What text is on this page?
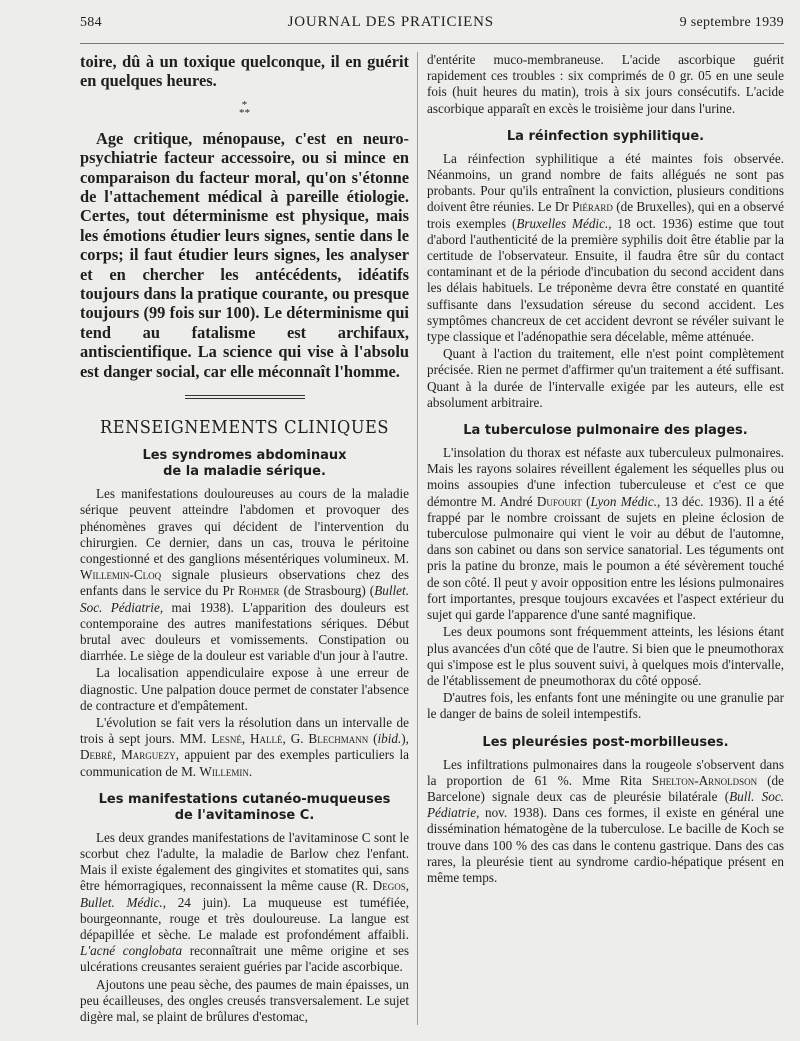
584	JOURNAL DES PRATICIENS	9 septembre 1939

toire, dû à un toxique quelconque, il en guérit en quelques heures.

*
**

Age critique, ménopause, c'est en neuro-psychiatrie facteur accessoire, ou si mince en comparaison du facteur moral, qu'on s'étonne de l'attachement médical à pareille étiologie. Certes, tout déterminisme est physique, mais les émotions étudier leurs signes, sentie dans le corps; il faut étudier leurs signes, les analyser et en chercher les antécédents, idéatifs toujours dans la pratique courante, ou presque toujours (99 fois sur 100). Le déterminisme qui tend au fatalisme est archifaux, antiscientifique. La science qui vise à l'absolu est danger social, car elle méconnaît l'homme.

RENSEIGNEMENTS CLINIQUES
Les syndromes abdominaux
de la maladie sérique.

Les manifestations douloureuses au cours de la maladie sérique peuvent atteindre l'abdomen et provoquer des phénomènes graves qui décident de l'intervention du chirurgien. Ce dernier, dans un cas, trouva le péritoine congestionné et des ganglions mésentériques volumineux. M. Willemin-Cloq signale plusieurs observations chez des enfants dans le service du Pr Rohmer (de Strasbourg) (Bullet. Soc. Pédiatrie, mai 1938). L'apparition des douleurs est contemporaine des autres manifestations sériques. Début brutal avec douleurs et vomissements. Constipation ou diarrhée. Le siège de la douleur est variable d'un jour à l'autre.

La localisation appendiculaire expose à une erreur de diagnostic. Une palpation douce permet de constater l'absence de contracture et d'empâtement.

L'évolution se fait vers la résolution dans un intervalle de trois à sept jours. MM. Lesné, Hallé, G. Blechmann (ibid.), Debré, Marguezy, appuient par des exemples particuliers la communication de M. Willemin.

Les manifestations cutanéo-muqueuses
de l'avitaminose C.

Les deux grandes manifestations de l'avitaminose C sont le scorbut chez l'adulte, la maladie de Barlow chez l'enfant. Mais il existe également des gingivites et stomatites qui, sans être hémorragiques, reconnaissent la même cause (R. Degos, Bullet. Médic., 24 juin). La muqueuse est tuméfiée, bourgeonnante, rouge et très douloureuse. La langue est dépapillée et sèche. Le malade est profondément affaibli. L'acné conglobata reconnaîtrait une même origine et ses ulcérations creusantes seraient guéries par l'acide ascorbique.

Ajoutons une peau sèche, des paumes de main épaisses, un peu écailleuses, des ongles creusés transversalement. Le sujet digère mal, se plaint de brûlures d'estomac,

d'entérite muco-membraneuse. L'acide ascorbique guérit rapidement ces troubles : six comprimés de 0 gr. 05 en une seule fois (huit heures du matin), trois à six jours consécutifs. L'acide ascorbique apparaît en excès le troisième jour dans l'urine.

La réinfection syphilitique.

La réinfection syphilitique a été maintes fois observée. Néanmoins, un grand nombre de faits allégués ne sont pas probants. Pour qu'ils entraînent la conviction, plusieurs conditions doivent être réunies. Le Dr Piérard (de Bruxelles), qui en a observé trois exemples (Bruxelles Médic., 18 oct. 1936) estime que tout d'abord l'authenticité de la première syphilis doit être établie par la certitude de l'observateur. Ensuite, il faudra être sûr du contact contaminant et de la période d'incubation du second accident dans les délais habituels. Le tréponème devra être constaté en quantité suffisante dans l'exsudation séreuse du second accident. Les symptômes chancreux de cet accident devront se révéler suivant le type classique et l'adénopathie sera décelable, même atténuée.

Quant à l'action du traitement, elle n'est point complètement précisée. Rien ne permet d'affirmer qu'un traitement a été suffisant. Quant à la durée de l'intervalle exigée par les auteurs, elle est absolument arbitraire.

La tuberculose pulmonaire des plages.

L'insolation du thorax est néfaste aux tuberculeux pulmonaires. Mais les rayons solaires réveillent également les séquelles plus ou moins assoupies d'une infection tuberculeuse et c'est ce que démontre M. André Dufourt (Lyon Médic., 13 déc. 1936). Il a été frappé par le nombre croissant de sujets en pleine éclosion de tuberculose pulmonaire qui vient le voir au début de l'automne, dans son cabinet ou dans son service sanatorial. Les téguments ont pris la patine du bronze, mais le poumon a été sévèrement touché de son côté. Il peut y avoir opposition entre les lésions pulmonaires fort importantes, presque toujours excavées et l'aspect extérieur du sujet qui garde l'apparence d'une santé magnifique.

Les deux poumons sont fréquemment atteints, les lésions étant plus avancées d'un côté que de l'autre. Si bien que le pneumothorax qui s'impose est le plus souvent suivi, à quelques mois d'intervalle, de l'établissement de pneumothorax du côté opposé.

D'autres fois, les enfants font une méningite ou une granulie par le danger de bains de soleil intempestifs.

Les pleurésies post-morbilleuses.

Les infiltrations pulmonaires dans la rougeole s'observent dans la proportion de 61 %. Mme Rita Shelton-Arnoldson (de Barcelone) signale deux cas de pleurésie bilatérale (Bull. Soc. Pédiatrie, nov. 1938). Dans ces formes, il existe en général une dissémination hématogène de la tuberculose. Le bacille de Koch se trouve dans 100 % des cas dans le contenu gastrique. Dans des cas rares, la pleurésie tient au syndrome cardio-hépatique présent en même temps.
